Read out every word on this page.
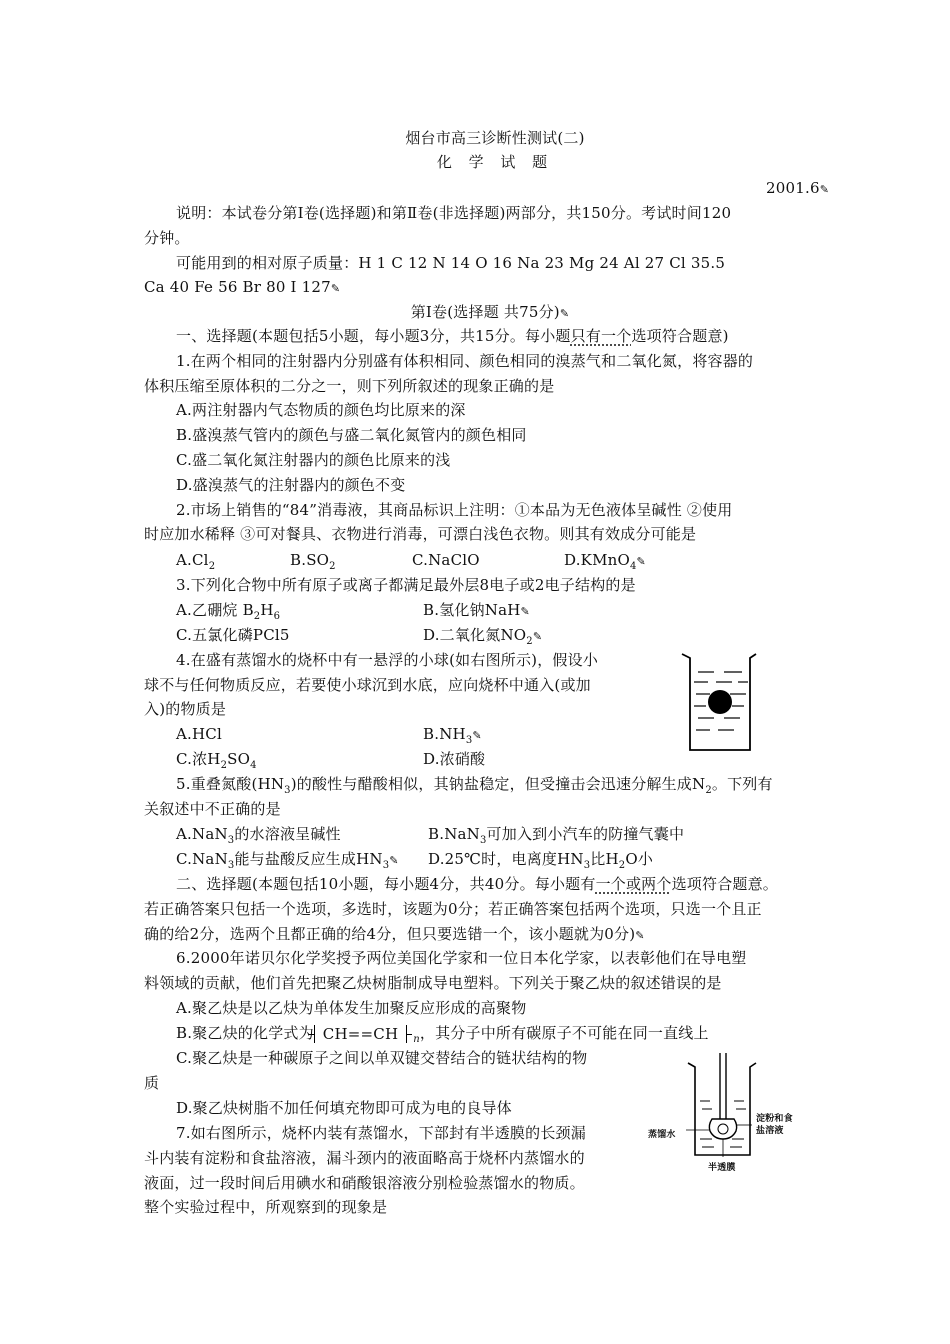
烟台市高三诊断性测试(二)
化 学 试 题
2001.6✎
说明：本试卷分第Ⅰ卷(选择题)和第Ⅱ卷(非选择题)两部分，共150分。考试时间120
分钟。
可能用到的相对原子质量：H 1 C 12 N 14 O 16 Na 23 Mg 24 Al 27 Cl 35.5
Ca 40 Fe 56 Br 80 I 127✎
第Ⅰ卷(选择题 共75分)✎
一、选择题(本题包括5小题，每小题3分，共15分。每小题只有一个选项符合题意)
1.在两个相同的注射器内分别盛有体积相同、颜色相同的溴蒸气和二氧化氮，将容器的
体积压缩至原体积的二分之一，则下列所叙述的现象正确的是
A.两注射器内气态物质的颜色均比原来的深
B.盛溴蒸气管内的颜色与盛二氧化氮管内的颜色相同
C.盛二氧化氮注射器内的颜色比原来的浅
D.盛溴蒸气的注射器内的颜色不变
2.市场上销售的“84”消毒液，其商品标识上注明：①本品为无色液体呈碱性 ②使用
时应加水稀释 ③可对餐具、衣物进行消毒，可漂白浅色衣物。则其有效成分可能是
$A.Cl_2$	$B.SO_2$	C.NaClO	D.KMnO$_4$✎
3.下列化合物中所有原子或离子都满足最外层8电子或2电子结构的是
A.乙硼烷 $B_2H_6$	B.氢化钠NaH✎
C.五氯化磷PCl5	D.二氧化氮$NO_2✎$
4.在盛有蒸馏水的烧杯中有一悬浮的小球(如右图所示)，假设小
球不与任何物质反应，若要使小球沉到水底，应向烧杯中通入(或加
入)的物质是
A.HCl	$B.NH_3✎$
C.浓$H_2SO_4$	D.浓硝酸
5.重叠氮酸$(HN_3)$的酸性与醋酸相似，其钠盐稳定，但受撞击会迅速分解生成$N_2$。下列有
关叙述中不正确的是
A.NaN$_3$的水溶液呈碱性	B.NaN$_3$可加入到小汽车的防撞气囊中
C.NaN$_3$能与盐酸反应生成$HN_3✎$ D.25℃时，电离度$HN_3$比$H_2O$小
二、选择题(本题包括10小题，每小题4分，共40分。每小题有一个或两个选项符合题意。
若正确答案只包括一个选项，多选时，该题为0分；若正确答案包括两个选项，只选一个且正
确的给2分，选两个且都正确的给4分，但只要选错一个，该小题就为0分)✎
6.2000年诺贝尔化学奖授予两位美国化学家和一位日本化学家，以表彰他们在导电塑
料领域的贡献，他们首先把聚乙炔树脂制成导电塑料。下列关于聚乙炔的叙述错误的是
A.聚乙炔是以乙炔为单体发生加聚反应形成的高聚物
B.聚乙炔的化学式为 CH==CH $_n$，其分子中所有碳原子不可能在同一直线上
C.聚乙炔是一种碳原子之间以单双键交替结合的链状结构的物
质
D.聚乙炔树脂不加任何填充物即可成为电的良导体
7.如右图所示，烧杯内装有蒸馏水，下部封有半透膜的长颈漏
斗内装有淀粉和食盐溶液，漏斗颈内的液面略高于烧杯内蒸馏水的
液面，过一段时间后用碘水和硝酸银溶液分别检验蒸馏水的物质。
整个实验过程中，所观察到的现象是
蒸馏水
淀粉和食
盐溶液
半透膜
